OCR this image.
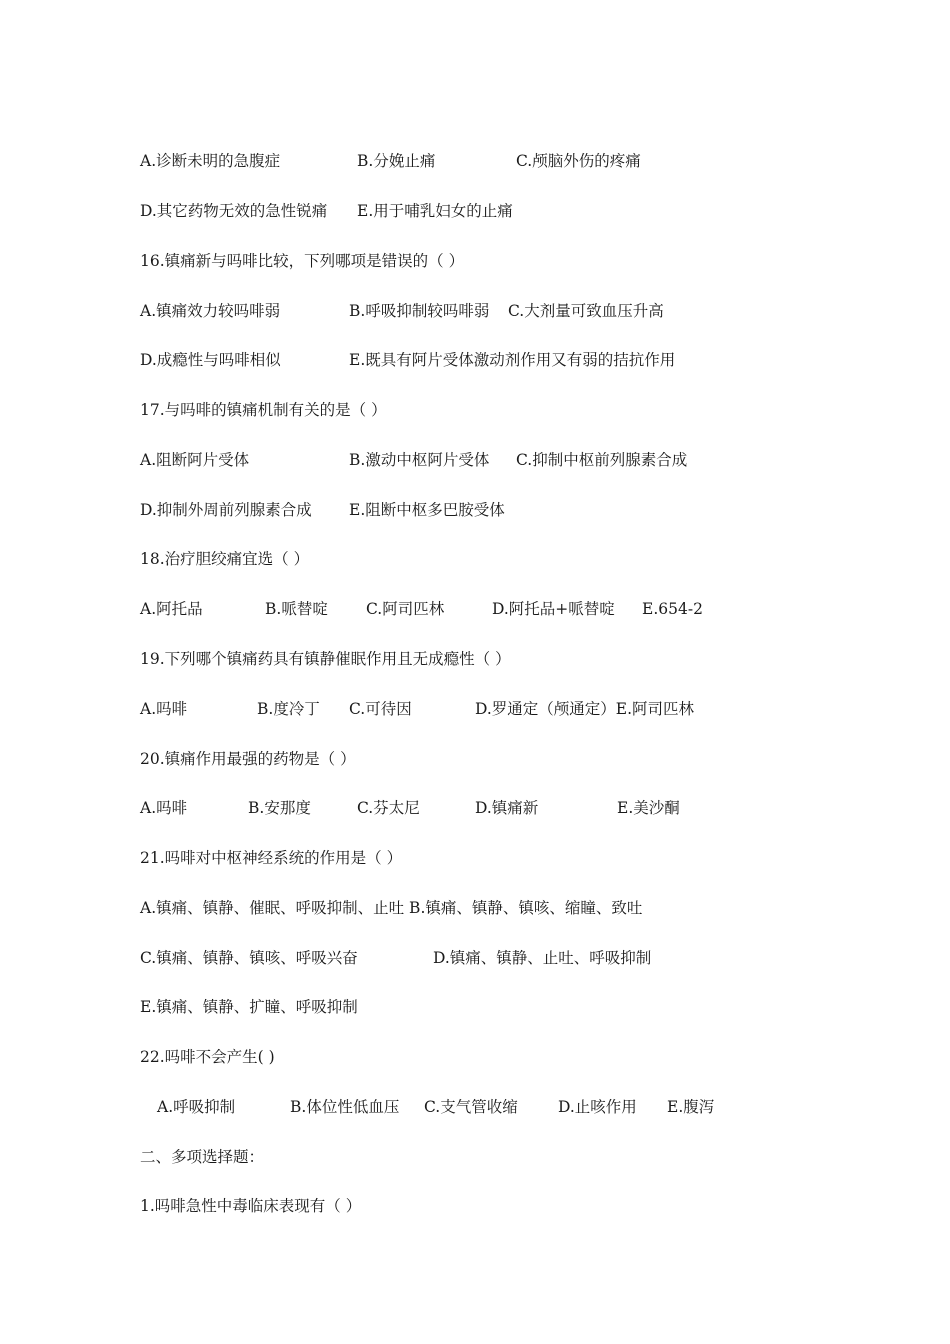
A.诊断未明的急腹症	B.分娩止痛	C.颅脑外伤的疼痛
D.其它药物无效的急性锐痛 E.用于哺乳妇女的止痛
16.镇痛新与吗啡比较，下列哪项是错误的（ ）
A.镇痛效力较吗啡弱	B.呼吸抑制较吗啡弱 C.大剂量可致血压升高
D.成瘾性与吗啡相似	E.既具有阿片受体激动剂作用又有弱的拮抗作用
17.与吗啡的镇痛机制有关的是（ ）
A.阻断阿片受体	B.激动中枢阿片受体 C.抑制中枢前列腺素合成
D.抑制外周前列腺素合成 E.阻断中枢多巴胺受体
18.治疗胆绞痛宜选（ ）
A.阿托品	B.哌替啶 C.阿司匹林	D.阿托品+哌替啶 E.654-2
19.下列哪个镇痛药具有镇静催眠作用且无成瘾性（ ）
A.吗啡	B.度冷丁 C.可待因	D.罗通定（颅通定）E.阿司匹林
20.镇痛作用最强的药物是（ ）
A.吗啡	B.安那度	C.芬太尼	D.镇痛新	E.美沙酮
21.吗啡对中枢神经系统的作用是（ ）
A.镇痛、镇静、催眠、呼吸抑制、止吐 B.镇痛、镇静、镇咳、缩瞳、致吐
C.镇痛、镇静、镇咳、呼吸兴奋	D.镇痛、镇静、止吐、呼吸抑制
E.镇痛、镇静、扩瞳、呼吸抑制
22.吗啡不会产生( )
A.呼吸抑制	B.体位性低血压 C.支气管收缩	D.止咳作用 E.腹泻
二、多项选择题：
1.吗啡急性中毒临床表现有（ ）
